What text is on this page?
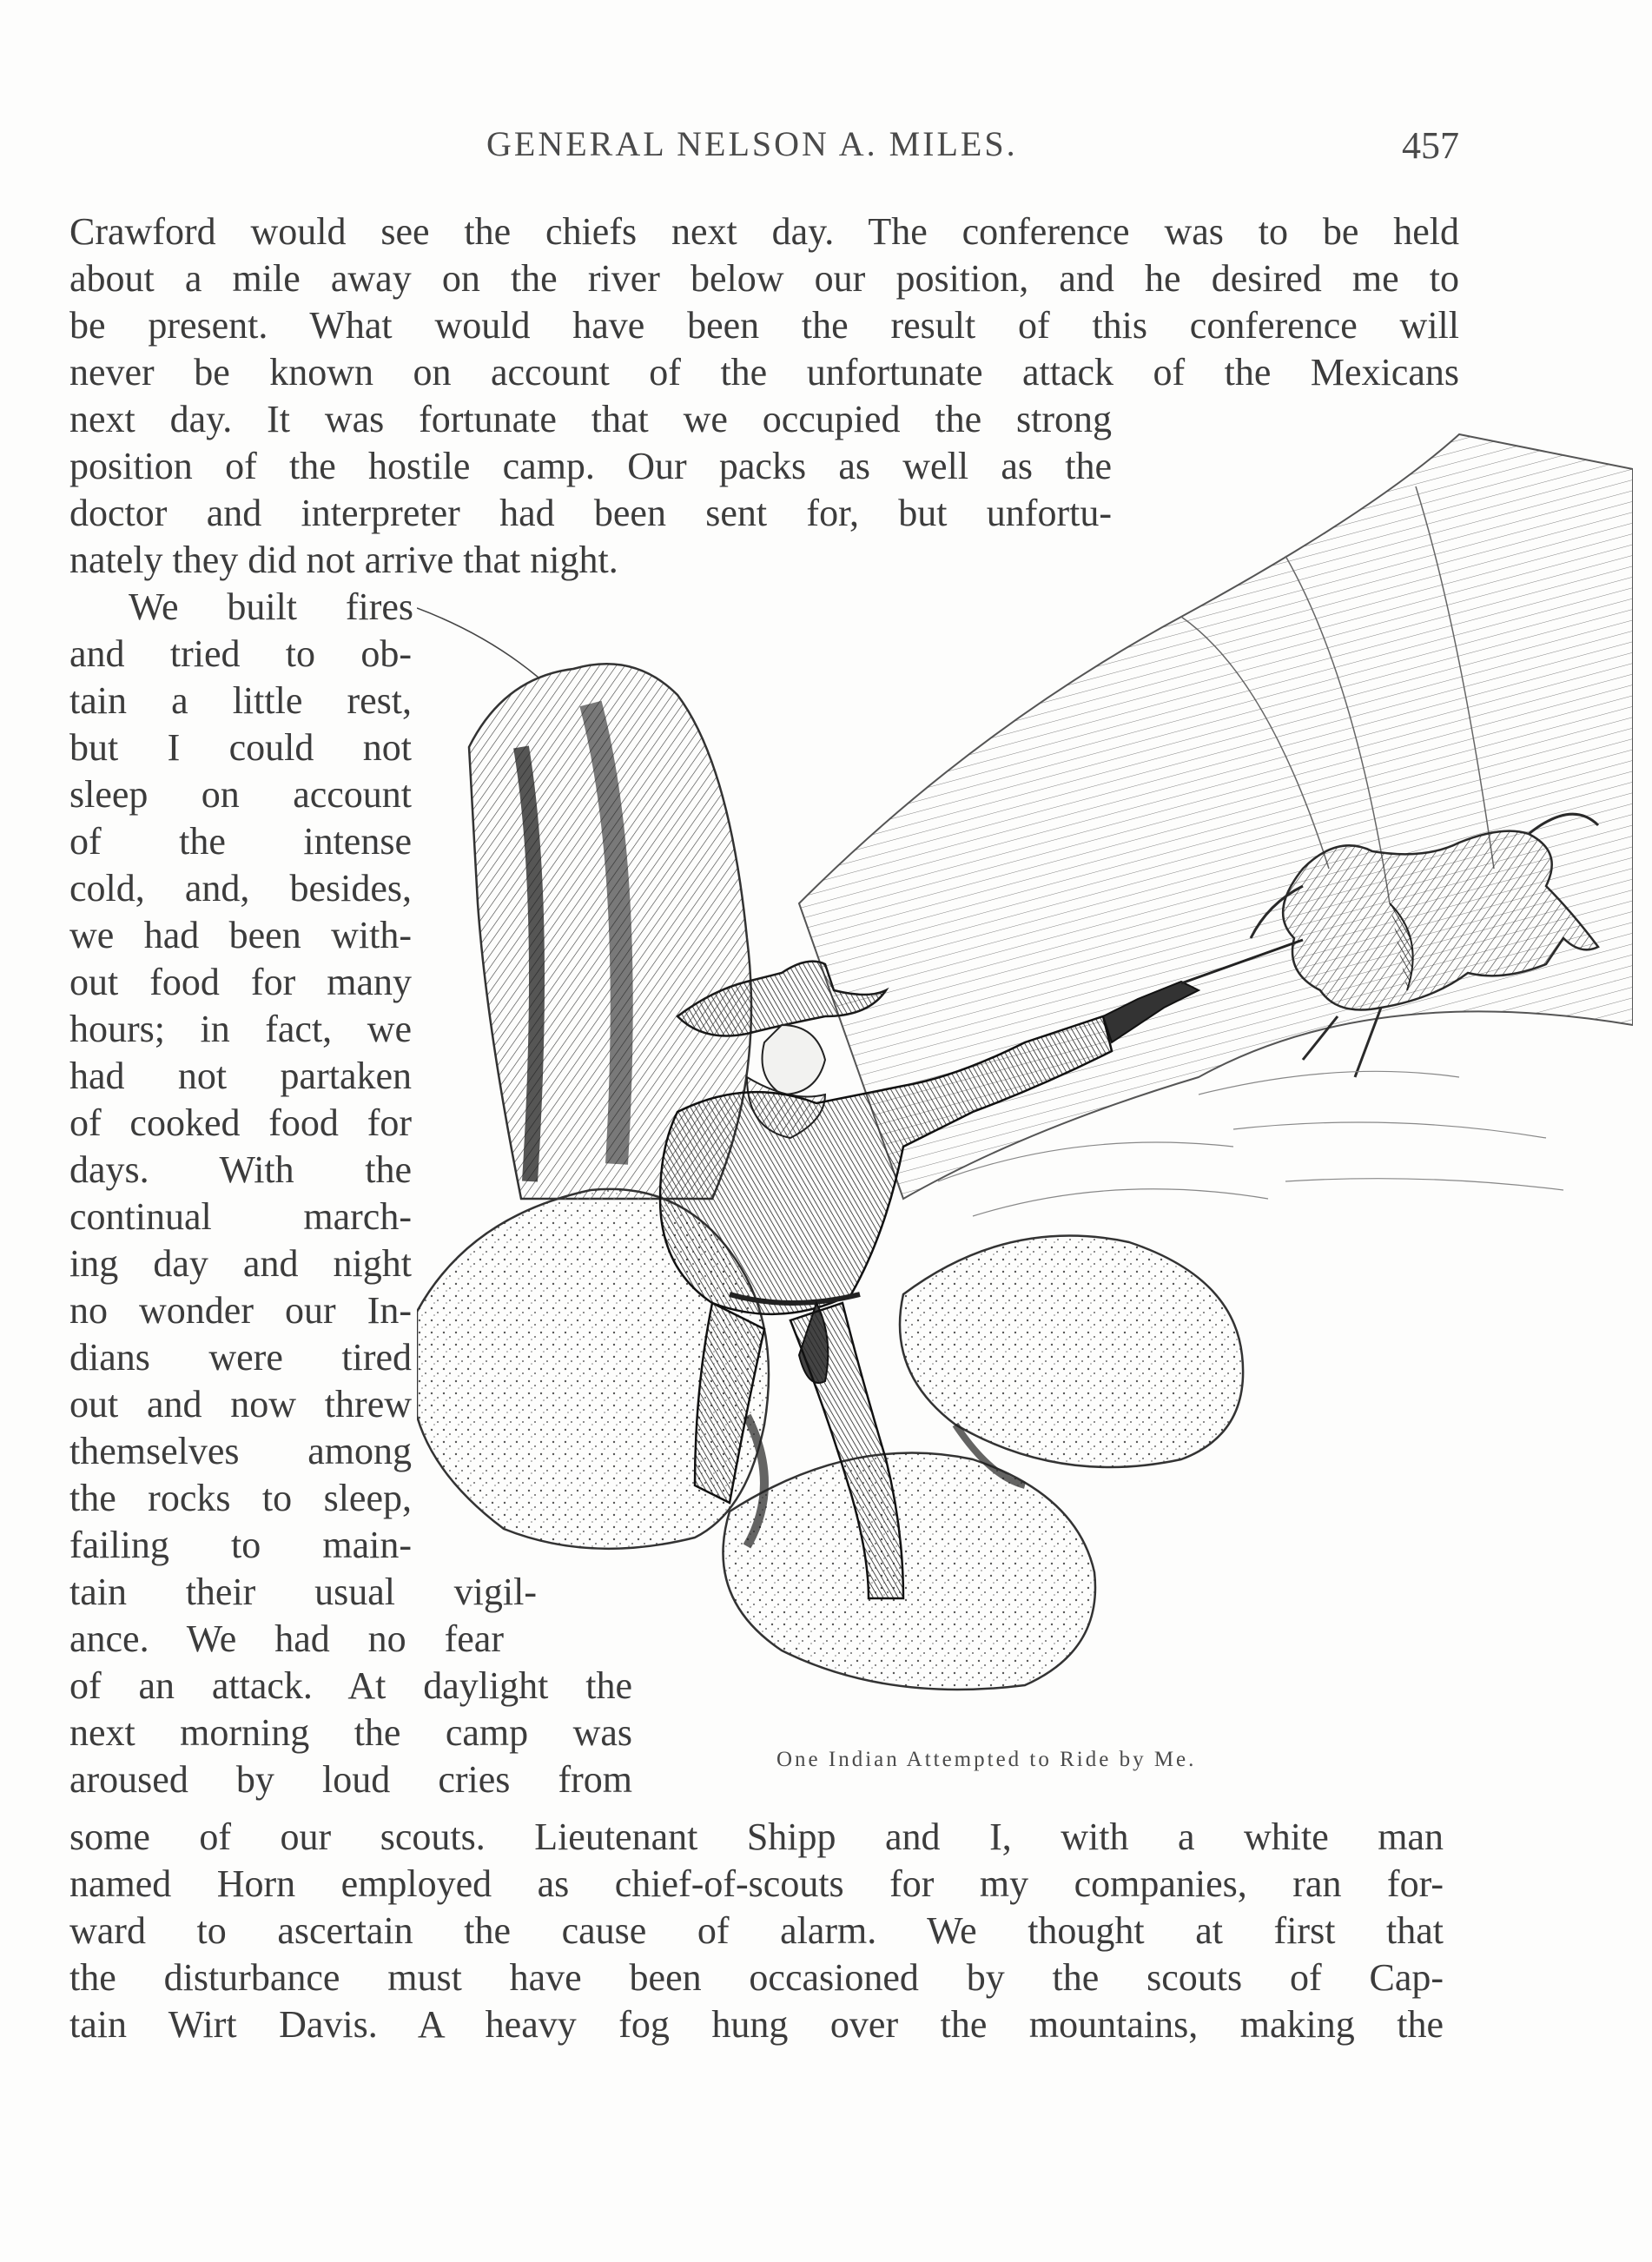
GENERAL NELSON A. MILES.	457
Crawford would see the chiefs next day. The conference was to be held
about a mile away on the river below our position, and he desired me to
be present. What would have been the result of this conference will
never be known on account of the unfortunate attack of the Mexicans
next day. It was fortunate that we occupied the strong
position of the hostile camp. Our packs as well as the
doctor and interpreter had been sent for, but unfortu-
nately they did not arrive that night.
We built fires
and tried to ob-
tain a little rest,
but I could not
sleep on account
of the intense
cold, and, besides,
we had been with-
out food for many
hours; in fact, we
had not partaken
of cooked food for
days. With the
continual march-
ing day and night
no wonder our In-
dians were tired
out and now threw
themselves among
the rocks to sleep,
failing to main-
tain their usual vigil-
ance. We had no fear
of an attack. At daylight the
next morning the camp was
aroused by loud cries from
some of our scouts. Lieutenant Shipp and I, with a white man
named Horn employed as chief-of-scouts for my companies, ran for-
ward to ascertain the cause of alarm. We thought at first that
the disturbance must have been occasioned by the scouts of Cap-
tain Wirt Davis. A heavy fog hung over the mountains, making the
One Indian Attempted to Ride by Me.
